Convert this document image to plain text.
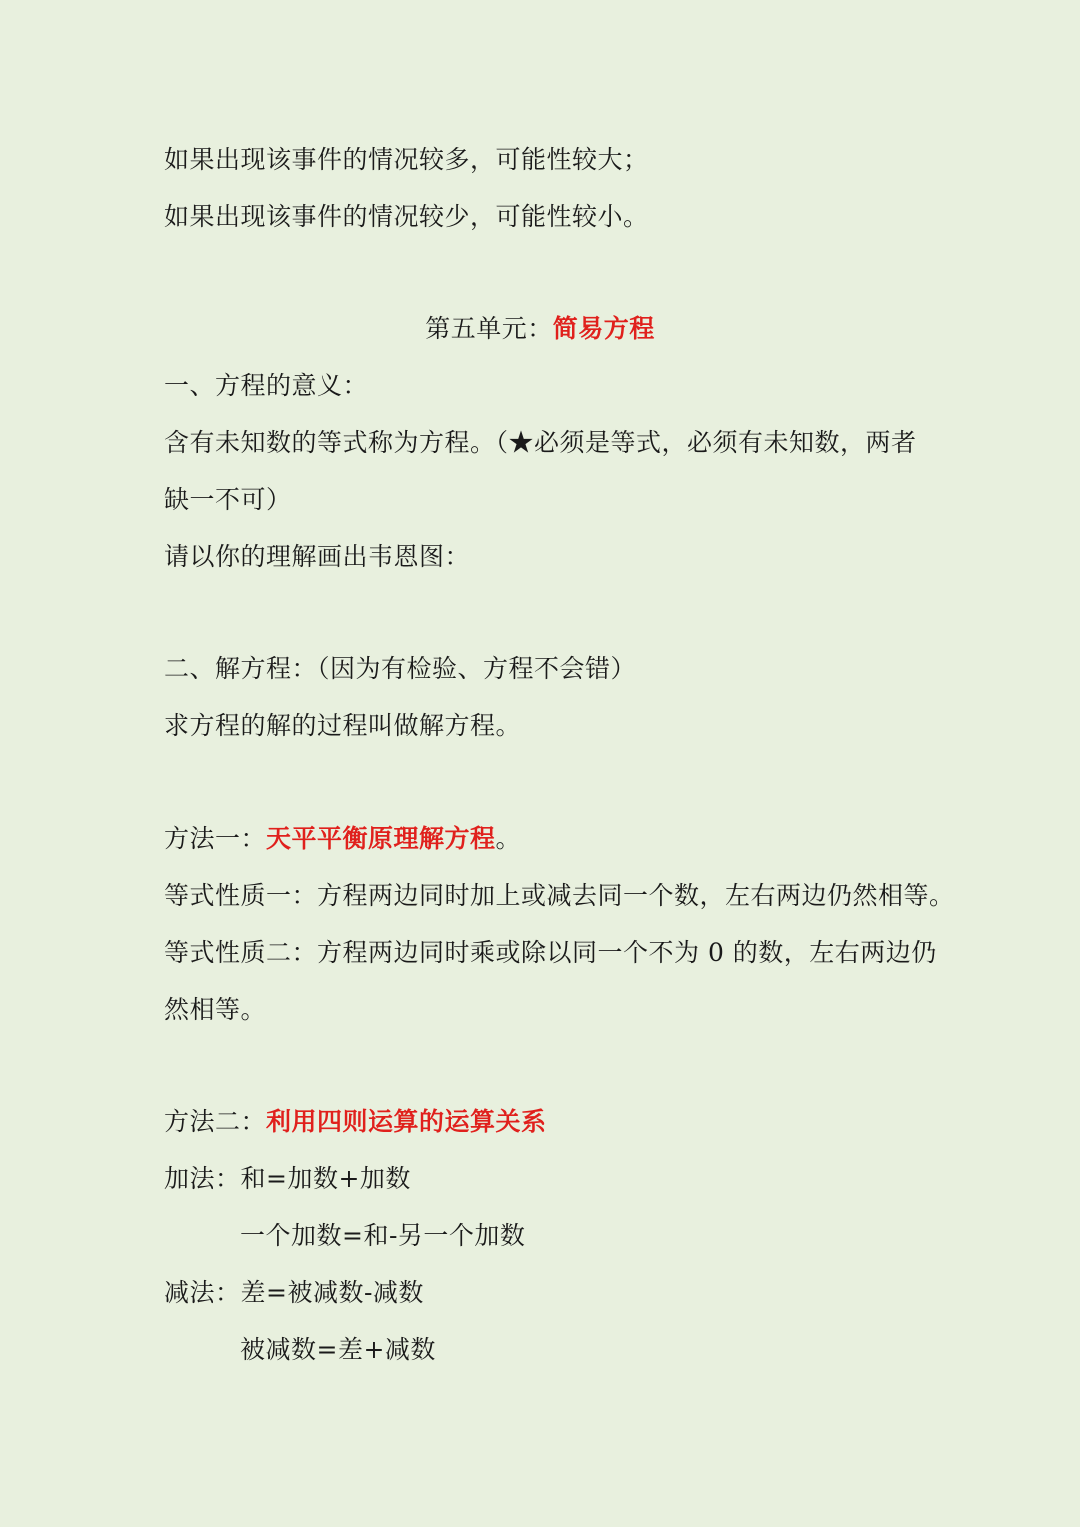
如果出现该事件的情况较多，可能性较大；
如果出现该事件的情况较少，可能性较小。
第五单元：简易方程
一、方程的意义：
含有未知数的等式称为方程。（★必须是等式，必须有未知数，两者
缺一不可）
请以你的理解画出韦恩图：
二、解方程：（因为有检验、方程不会错）
求方程的解的过程叫做解方程。
方法一：天平平衡原理解方程。
等式性质一：方程两边同时加上或减去同一个数，左右两边仍然相等。
等式性质二：方程两边同时乘或除以同一个不为 0 的数，左右两边仍
然相等。
方法二：利用四则运算的运算关系
加法：和=加数+加数
一个加数=和-另一个加数
减法：差=被减数-减数
被减数=差+减数
